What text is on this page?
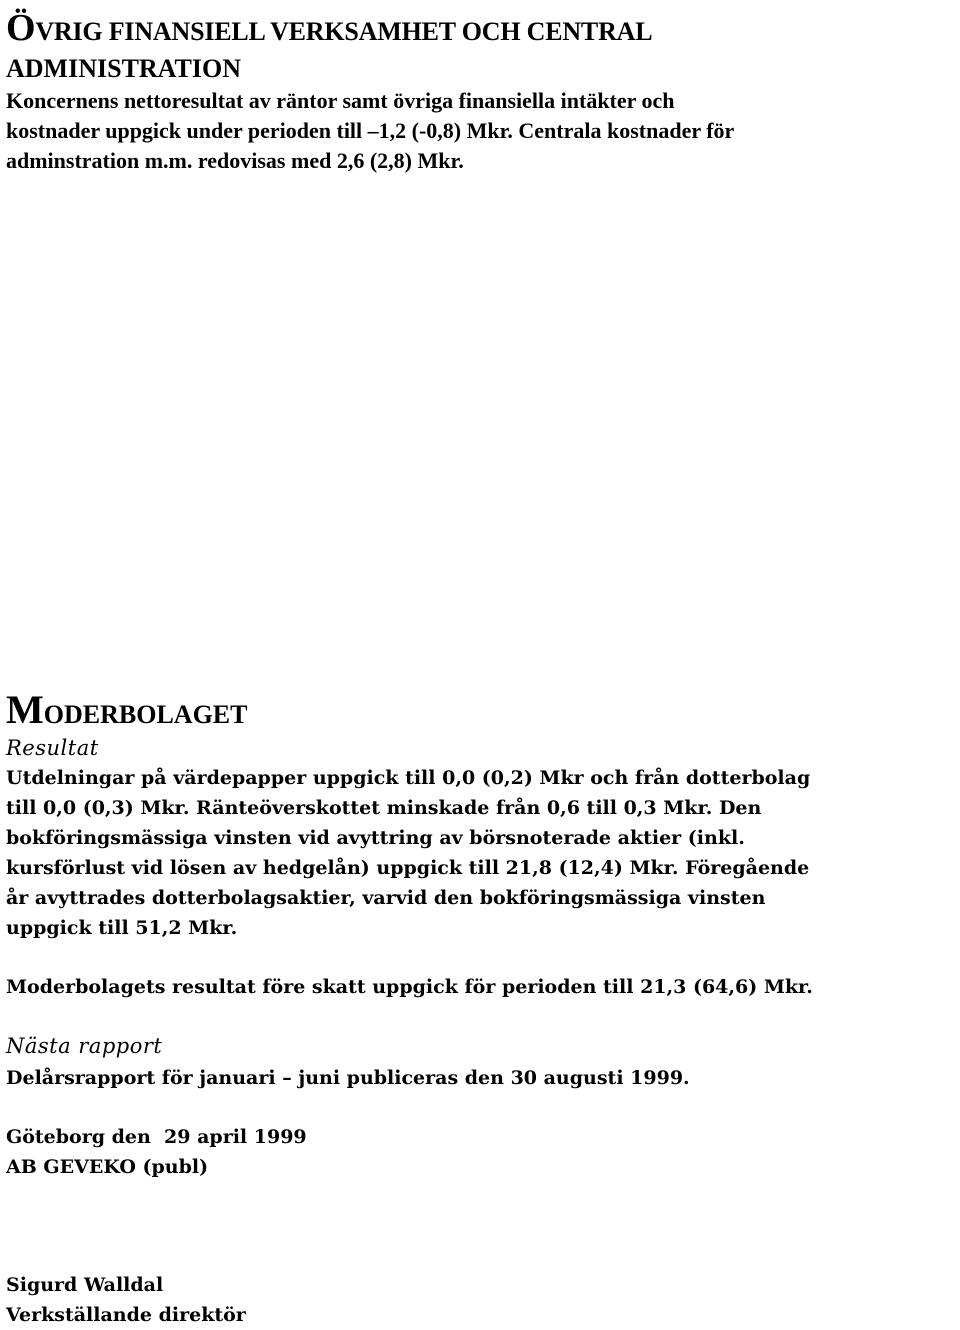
ÖVRIG FINANSIELL VERKSAMHET OCH CENTRAL
ADMINISTRATION
Koncernens nettoresultat av räntor samt övriga finansiella intäkter och
kostnader uppgick under perioden till –1,2 (-0,8) Mkr. Centrala kostnader för
adminstration m.m. redovisas med 2,6 (2,8) Mkr.
MODERBOLAGET
Resultat
Utdelningar på värdepapper uppgick till 0,0 (0,2) Mkr och från dotterbolag
till 0,0 (0,3) Mkr. Ränteöverskottet minskade från 0,6 till 0,3 Mkr. Den
bokföringsmässiga vinsten vid avyttring av börsnoterade aktier (inkl.
kursförlust vid lösen av hedgelån) uppgick till 21,8 (12,4) Mkr. Föregående
år avyttrades dotterbolagsaktier, varvid den bokföringsmässiga vinsten
uppgick till 51,2 Mkr.
Moderbolagets resultat före skatt uppgick för perioden till 21,3 (64,6) Mkr.
Nästa rapport
Delårsrapport för januari – juni publiceras den 30 augusti 1999.
Göteborg den  29 april 1999
AB GEVEKO (publ)
Sigurd Walldal
Verkställande direktör
